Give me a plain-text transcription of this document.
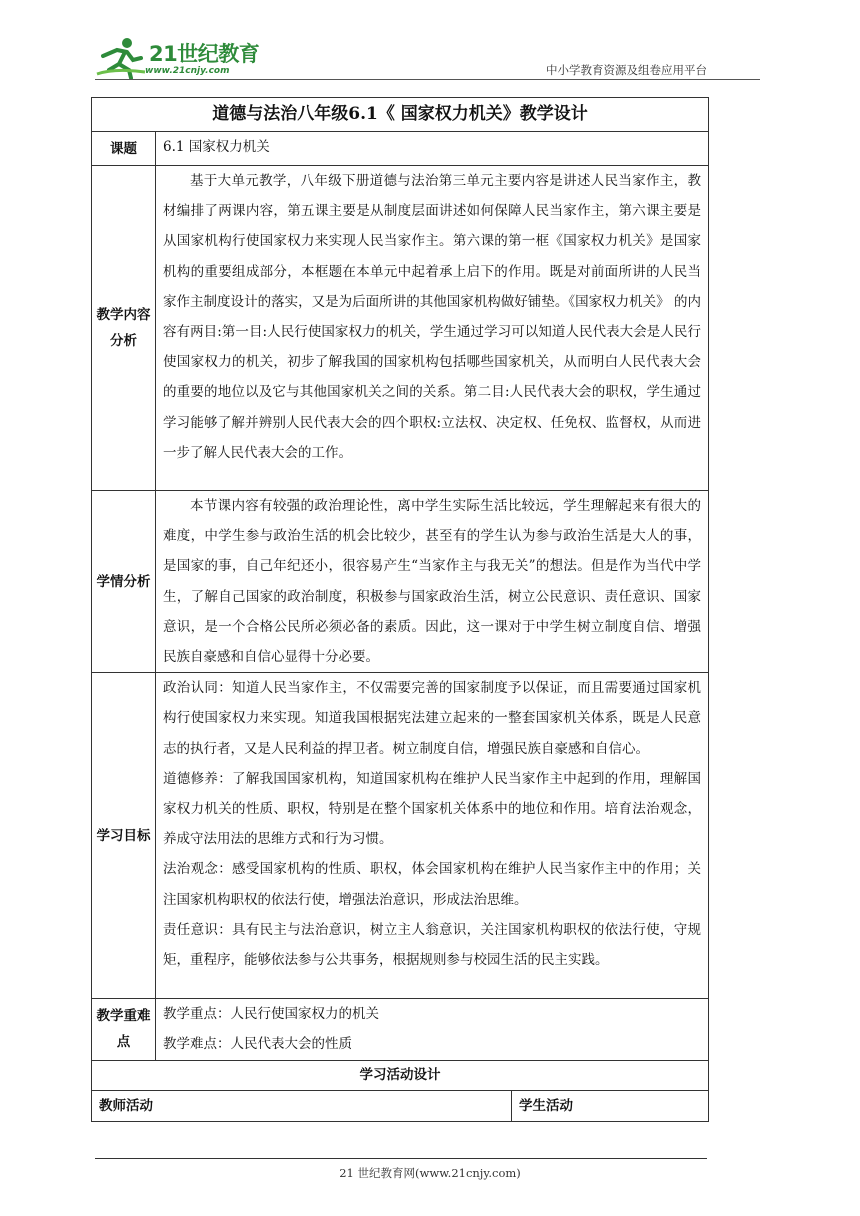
21世纪教育
www.21cnjy.com	中小学教育资源及组卷应用平台
道德与法治八年级6.1《 国家权力机关》教学设计		
课题	6.1 国家权力机关	
教学内容分析	基于大单元教学，八年级下册道德与法治第三单元主要内容是讲述人民当家作主，教材编排了两课内容，第五课主要是从制度层面讲述如何保障人民当家作主，第六课主要是从国家机构行使国家权力来实现人民当家作主。第六课的第一框《国家权力机关》是国家机构的重要组成部分，本框题在本单元中起着承上启下的作用。既是对前面所讲的人民当家作主制度设计的落实，又是为后面所讲的其他国家机构做好铺垫。《国家权力机关》 的内容有两目:第一目:人民行使国家权力的机关，学生通过学习可以知道人民代表大会是人民行使国家权力的机关，初步了解我国的国家机构包括哪些国家机关，从而明白人民代表大会的重要的地位以及它与其他国家机关之间的关系。第二目:人民代表大会的职权，学生通过学习能够了解并辨别人民代表大会的四个职权:立法权、决定权、任免权、监督权，从而进一步了解人民代表大会的工作。	
学情分析	本节课内容有较强的政治理论性，离中学生实际生活比较远，学生理解起来有很大的难度，中学生参与政治生活的机会比较少，甚至有的学生认为参与政治生活是大人的事，是国家的事，自己年纪还小，很容易产生“当家作主与我无关”的想法。但是作为当代中学生，了解自己国家的政治制度，积极参与国家政治生活，树立公民意识、责任意识、国家意识，是一个合格公民所必须必备的素质。因此，这一课对于中学生树立制度自信、增强民族自豪感和自信心显得十分必要。	
学习目标	政治认同：知道人民当家作主，不仅需要完善的国家制度予以保证，而且需要通过国家机构行使国家权力来实现。知道我国根据宪法建立起来的一整套国家机关体系，既是人民意志的执行者，又是人民利益的捍卫者。树立制度自信，增强民族自豪感和自信心。
道德修养：了解我国国家机构，知道国家机构在维护人民当家作主中起到的作用，理解国家权力机关的性质、职权，特别是在整个国家机关体系中的地位和作用。培育法治观念，养成守法用法的思维方式和行为习惯。
法治观念：感受国家机构的性质、职权，体会国家机构在维护人民当家作主中的作用；关注国家机构职权的依法行使，增强法治意识，形成法治思维。
责任意识：具有民主与法治意识，树立主人翁意识，关注国家机构职权的依法行使，守规矩，重程序，能够依法参与公共事务，根据规则参与校园生活的民主实践。	

教学重难点	教学重点：人民行使国家权力的机关
教学难点：人民代表大会的性质	

学习活动设计		
教师活动		学生活动
21 世纪教育网(www.21cnjy.com)
